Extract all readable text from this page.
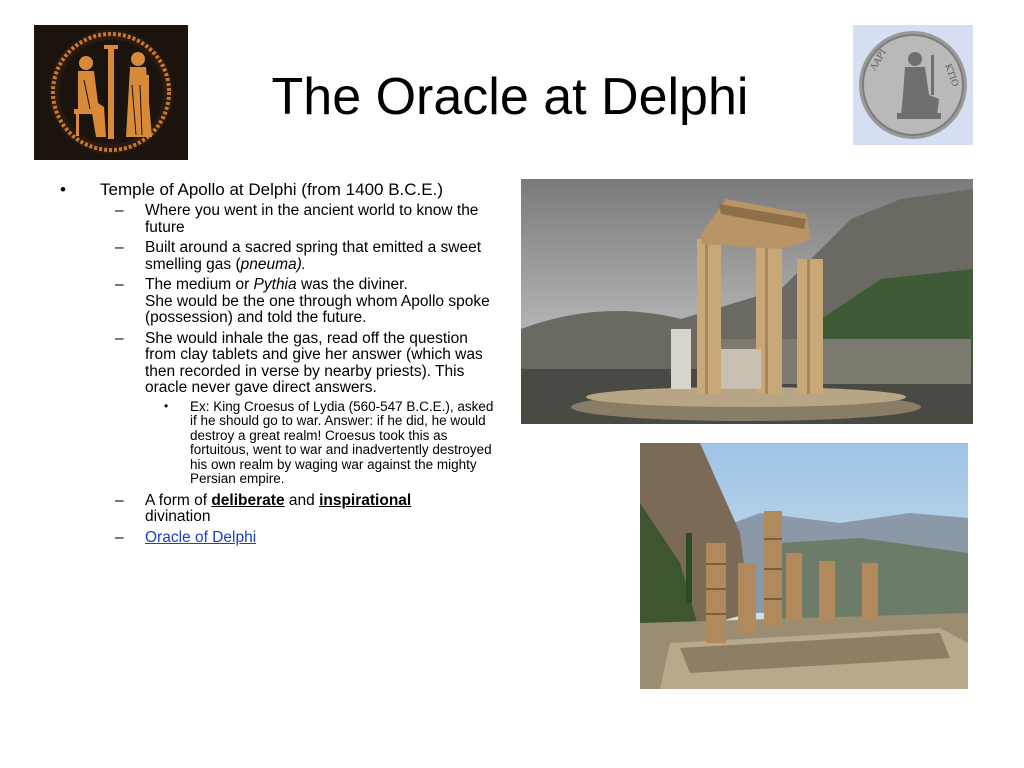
ΛΑΡΙ
ΚΤΙΟ
The Oracle at Delphi
• Temple of Apollo at Delphi (from 1400 B.C.E.)
– Where you went in the ancient world to know the future
– Built around a sacred spring that emitted a sweet smelling gas (pneuma).
– The medium or Pythia was the diviner.
She would be the one through whom Apollo spoke (possession) and told the future.
– She would inhale the gas, read off the question from clay tablets and give her answer (which was then recorded in verse by nearby priests). This oracle never gave direct answers.
• Ex: King Croesus of Lydia (560-547 B.C.E.), asked if he should go to war. Answer: if he did, he would destroy a great realm! Croesus took this as fortuitous, went to war and inadvertently destroyed his own realm by waging war against the mighty Persian empire.
– A form of deliberate and inspirational
divination
– Oracle of Delphi
